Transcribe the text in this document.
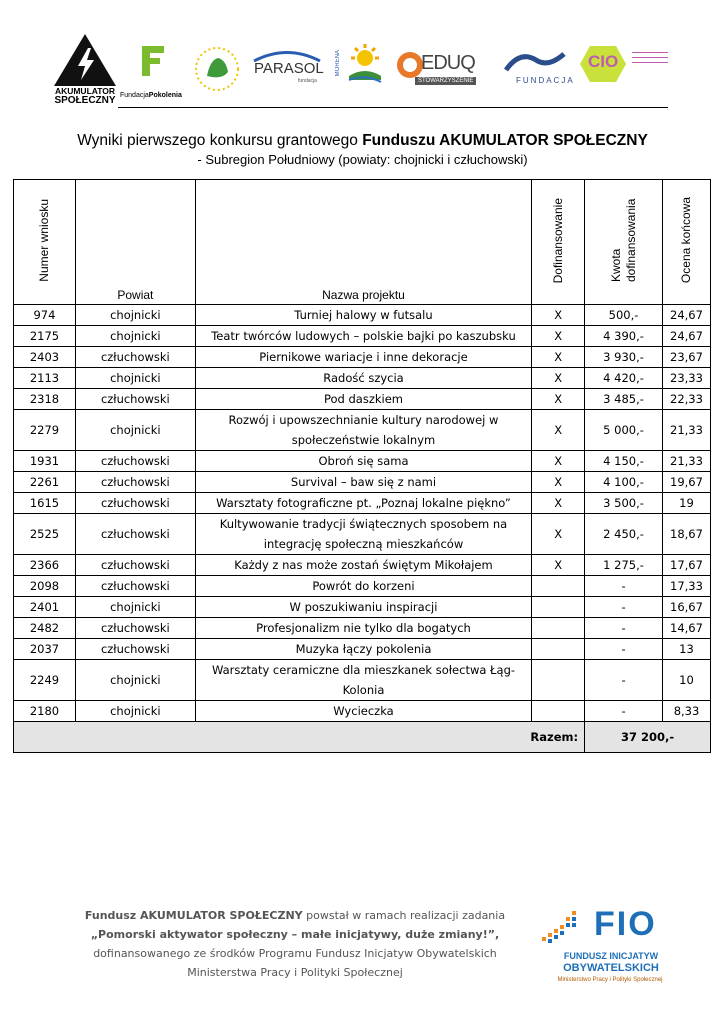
AKUMULATOR
SPOŁECZNY FundacjaPokolenia
PARASOL
fundacja
MORENA	EDUQ
STOWARZYSZENIE	FUNDACJA
CIO
Wyniki pierwszego konkursu grantowego Funduszu AKUMULATOR SPOŁECZNY
- Subregion Południowy (powiaty: chojnicki i człuchowski)
Numer wniosku	Powiat	Nazwa projektu	Dofinansowanie	Kwota dofinansowania	Ocena końcowa
974	chojnicki	Turniej halowy w futsalu	X	500,-	24,67
2175	chojnicki	Teatr twórców ludowych – polskie bajki po kaszubsku	X	4 390,-	24,67
2403	człuchowski	Piernikowe wariacje i inne dekoracje	X	3 930,-	23,67
2113	chojnicki	Radość szycia	X	4 420,-	23,33
2318	człuchowski	Pod daszkiem	X	3 485,-	22,33
2279	chojnicki	Rozwój i upowszechnianie kultury narodowej w
społeczeństwie lokalnym	X	5 000,-	21,33
1931	człuchowski	Obroń się sama	X	4 150,-	21,33
2261	człuchowski	Survival – baw się z nami	X	4 100,-	19,67
1615	człuchowski	Warsztaty fotograficzne pt. „Poznaj lokalne piękno”	X	3 500,-	19
2525	człuchowski	Kultywowanie tradycji świątecznych sposobem na
integrację społeczną mieszkańców	X	2 450,-	18,67
2366	człuchowski	Każdy z nas może zostań świętym Mikołajem	X	1 275,-	17,67
2098	człuchowski	Powrót do korzeni		-	17,33
2401	chojnicki	W poszukiwaniu inspiracji		-	16,67
2482	człuchowski	Profesjonalizm nie tylko dla bogatych		-	14,67
2037	człuchowski	Muzyka łączy pokolenia		-	13
2249	chojnicki	Warsztaty ceramiczne dla mieszkanek sołectwa Łąg-
Kolonia		-	10
2180	chojnicki	Wycieczka		-	8,33
Razem:				37 200,-	
Fundusz AKUMULATOR SPOŁECZNY powstał w ramach realizacji zadania
„Pomorski aktywator społeczny – małe inicjatywy, duże zmiany!”,
dofinansowanego ze środków Programu Fundusz Inicjatyw Obywatelskich
Ministerstwa Pracy i Polityki Społecznej
FIO
FUNDUSZ INICJATYW
OBYWATELSKICH
Ministerstwo Pracy i Polityki Społecznej
